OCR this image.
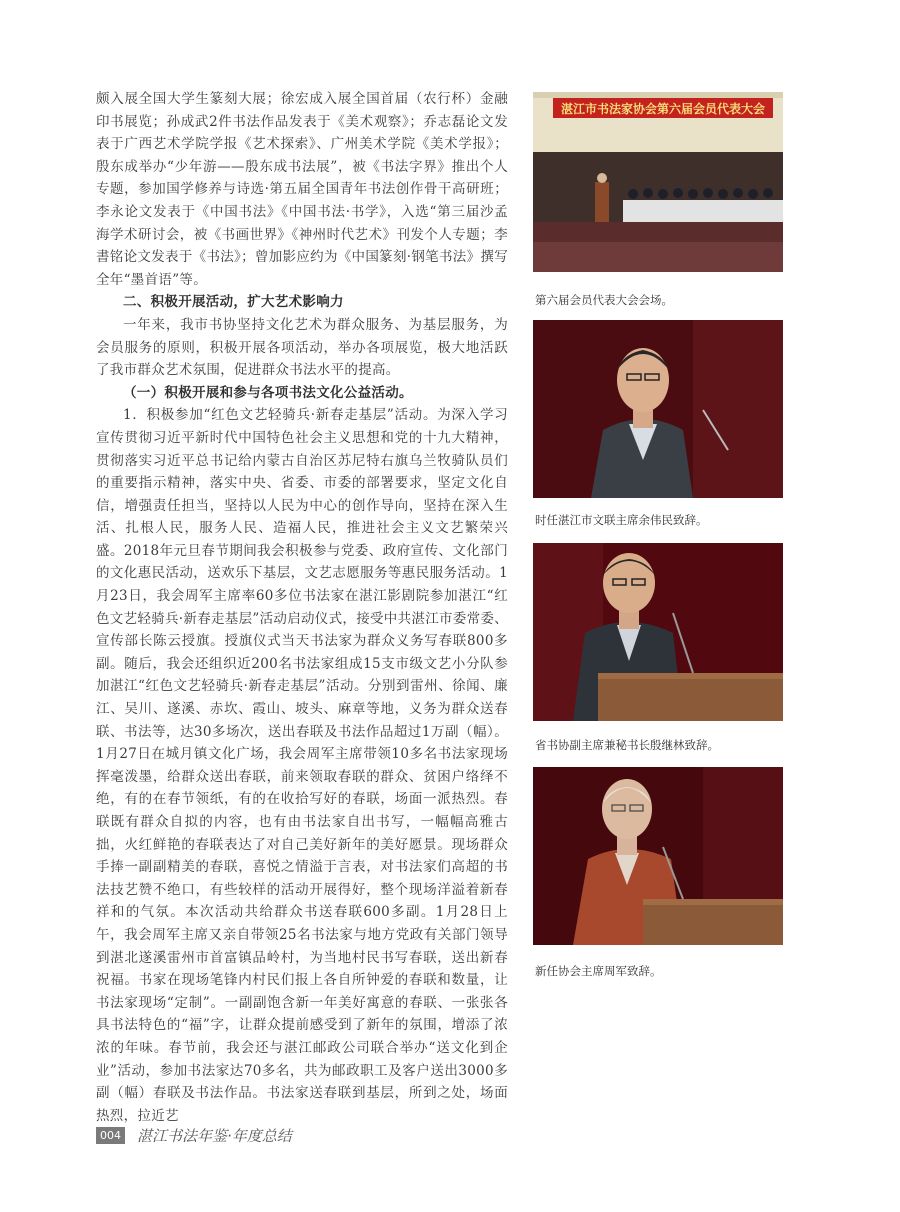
颇入展全国大学生篆刻大展；徐宏成入展全国首届（农行杯）金融印书展览；孙成武2件书法作品发表于《美术观察》；乔志磊论文发表于广西艺术学院学报《艺术探索》、广州美术学院《美术学报》；殷东成举办“少年游——殷东成书法展”，被《书法字界》推出个人专题，参加国学修养与诗选·第五届全国青年书法创作骨干高研班；李永论文发表于《中国书法》《中国书法·书学》，入选“第三届沙孟海学术研讨会，被《书画世界》《神州时代艺术》刊发个人专题；李書铭论文发表于《书法》；曾加影应约为《中国篆刻·钢笔书法》撰写全年“墨首语”等。

二、积极开展活动，扩大艺术影响力

一年来，我市书协坚持文化艺术为群众服务、为基层服务，为会员服务的原则，积极开展各项活动，举办各项展览，极大地活跃了我市群众艺术氛围，促进群众书法水平的提高。

（一）积极开展和参与各项书法文化公益活动。

1．积极参加“红色文艺轻骑兵·新春走基层”活动。为深入学习宣传贯彻习近平新时代中国特色社会主义思想和党的十九大精神，贯彻落实习近平总书记给内蒙古自治区苏尼特右旗乌兰牧骑队员们的重要指示精神，落实中央、省委、市委的部署要求，坚定文化自信，增强责任担当，坚持以人民为中心的创作导向，坚持在深入生活、扎根人民，服务人民、造福人民，推进社会主义文艺繁荣兴盛。2018年元旦春节期间我会积极参与党委、政府宣传、文化部门的文化惠民活动，送欢乐下基层，文艺志愿服务等惠民服务活动。1月23日，我会周军主席率60多位书法家在湛江影剧院参加湛江“红色文艺轻骑兵·新春走基层”活动启动仪式，接受中共湛江市委常委、宣传部长陈云授旗。授旗仪式当天书法家为群众义务写春联800多副。随后，我会还组织近200名书法家组成15支市级文艺小分队参加湛江“红色文艺轻骑兵·新春走基层”活动。分别到雷州、徐闻、廉江、吴川、遂溪、赤坎、霞山、坡头、麻章等地，义务为群众送春联、书法等，达30多场次，送出春联及书法作品超过1万副（幅）。1月27日在城月镇文化广场，我会周军主席带领10多名书法家现场挥毫泼墨，给群众送出春联，前来领取春联的群众、贫困户络绎不绝，有的在春节领纸，有的在收拾写好的春联，场面一派热烈。春联既有群众自拟的内容，也有由书法家自出书写，一幅幅高雅古拙，火红鲜艳的春联表达了对自己美好新年的美好愿景。现场群众手捧一副副精美的春联，喜悦之情溢于言表，对书法家们高超的书法技艺赞不绝口，有些较样的活动开展得好，整个现场洋溢着新春祥和的气氛。本次活动共给群众书送春联600多副。1月28日上午，我会周军主席又亲自带领25名书法家与地方党政有关部门领导到湛北遂溪雷州市首富镇品岭村，为当地村民书写春联，送出新春祝福。书家在现场笔锋内村民们报上各自所钟爱的春联和数量，让书法家现场“定制”。一副副饱含新一年美好寓意的春联、一张张各具书法特色的“福”字，让群众提前感受到了新年的氛围，增添了浓浓的年味。春节前，我会还与湛江邮政公司联合举办“送文化到企业”活动，参加书法家达70多名，共为邮政职工及客户送出3000多副（幅）春联及书法作品。书法家送春联到基层，所到之处，场面热烈，拉近艺

湛江市书法家协会第六届会员代表大会
第六届会员代表大会会场。
时任湛江市文联主席余伟民致辞。
省书协副主席兼秘书长殷继林致辞。
新任协会主席周军致辞。
004 湛江书法年鉴·年度总结
